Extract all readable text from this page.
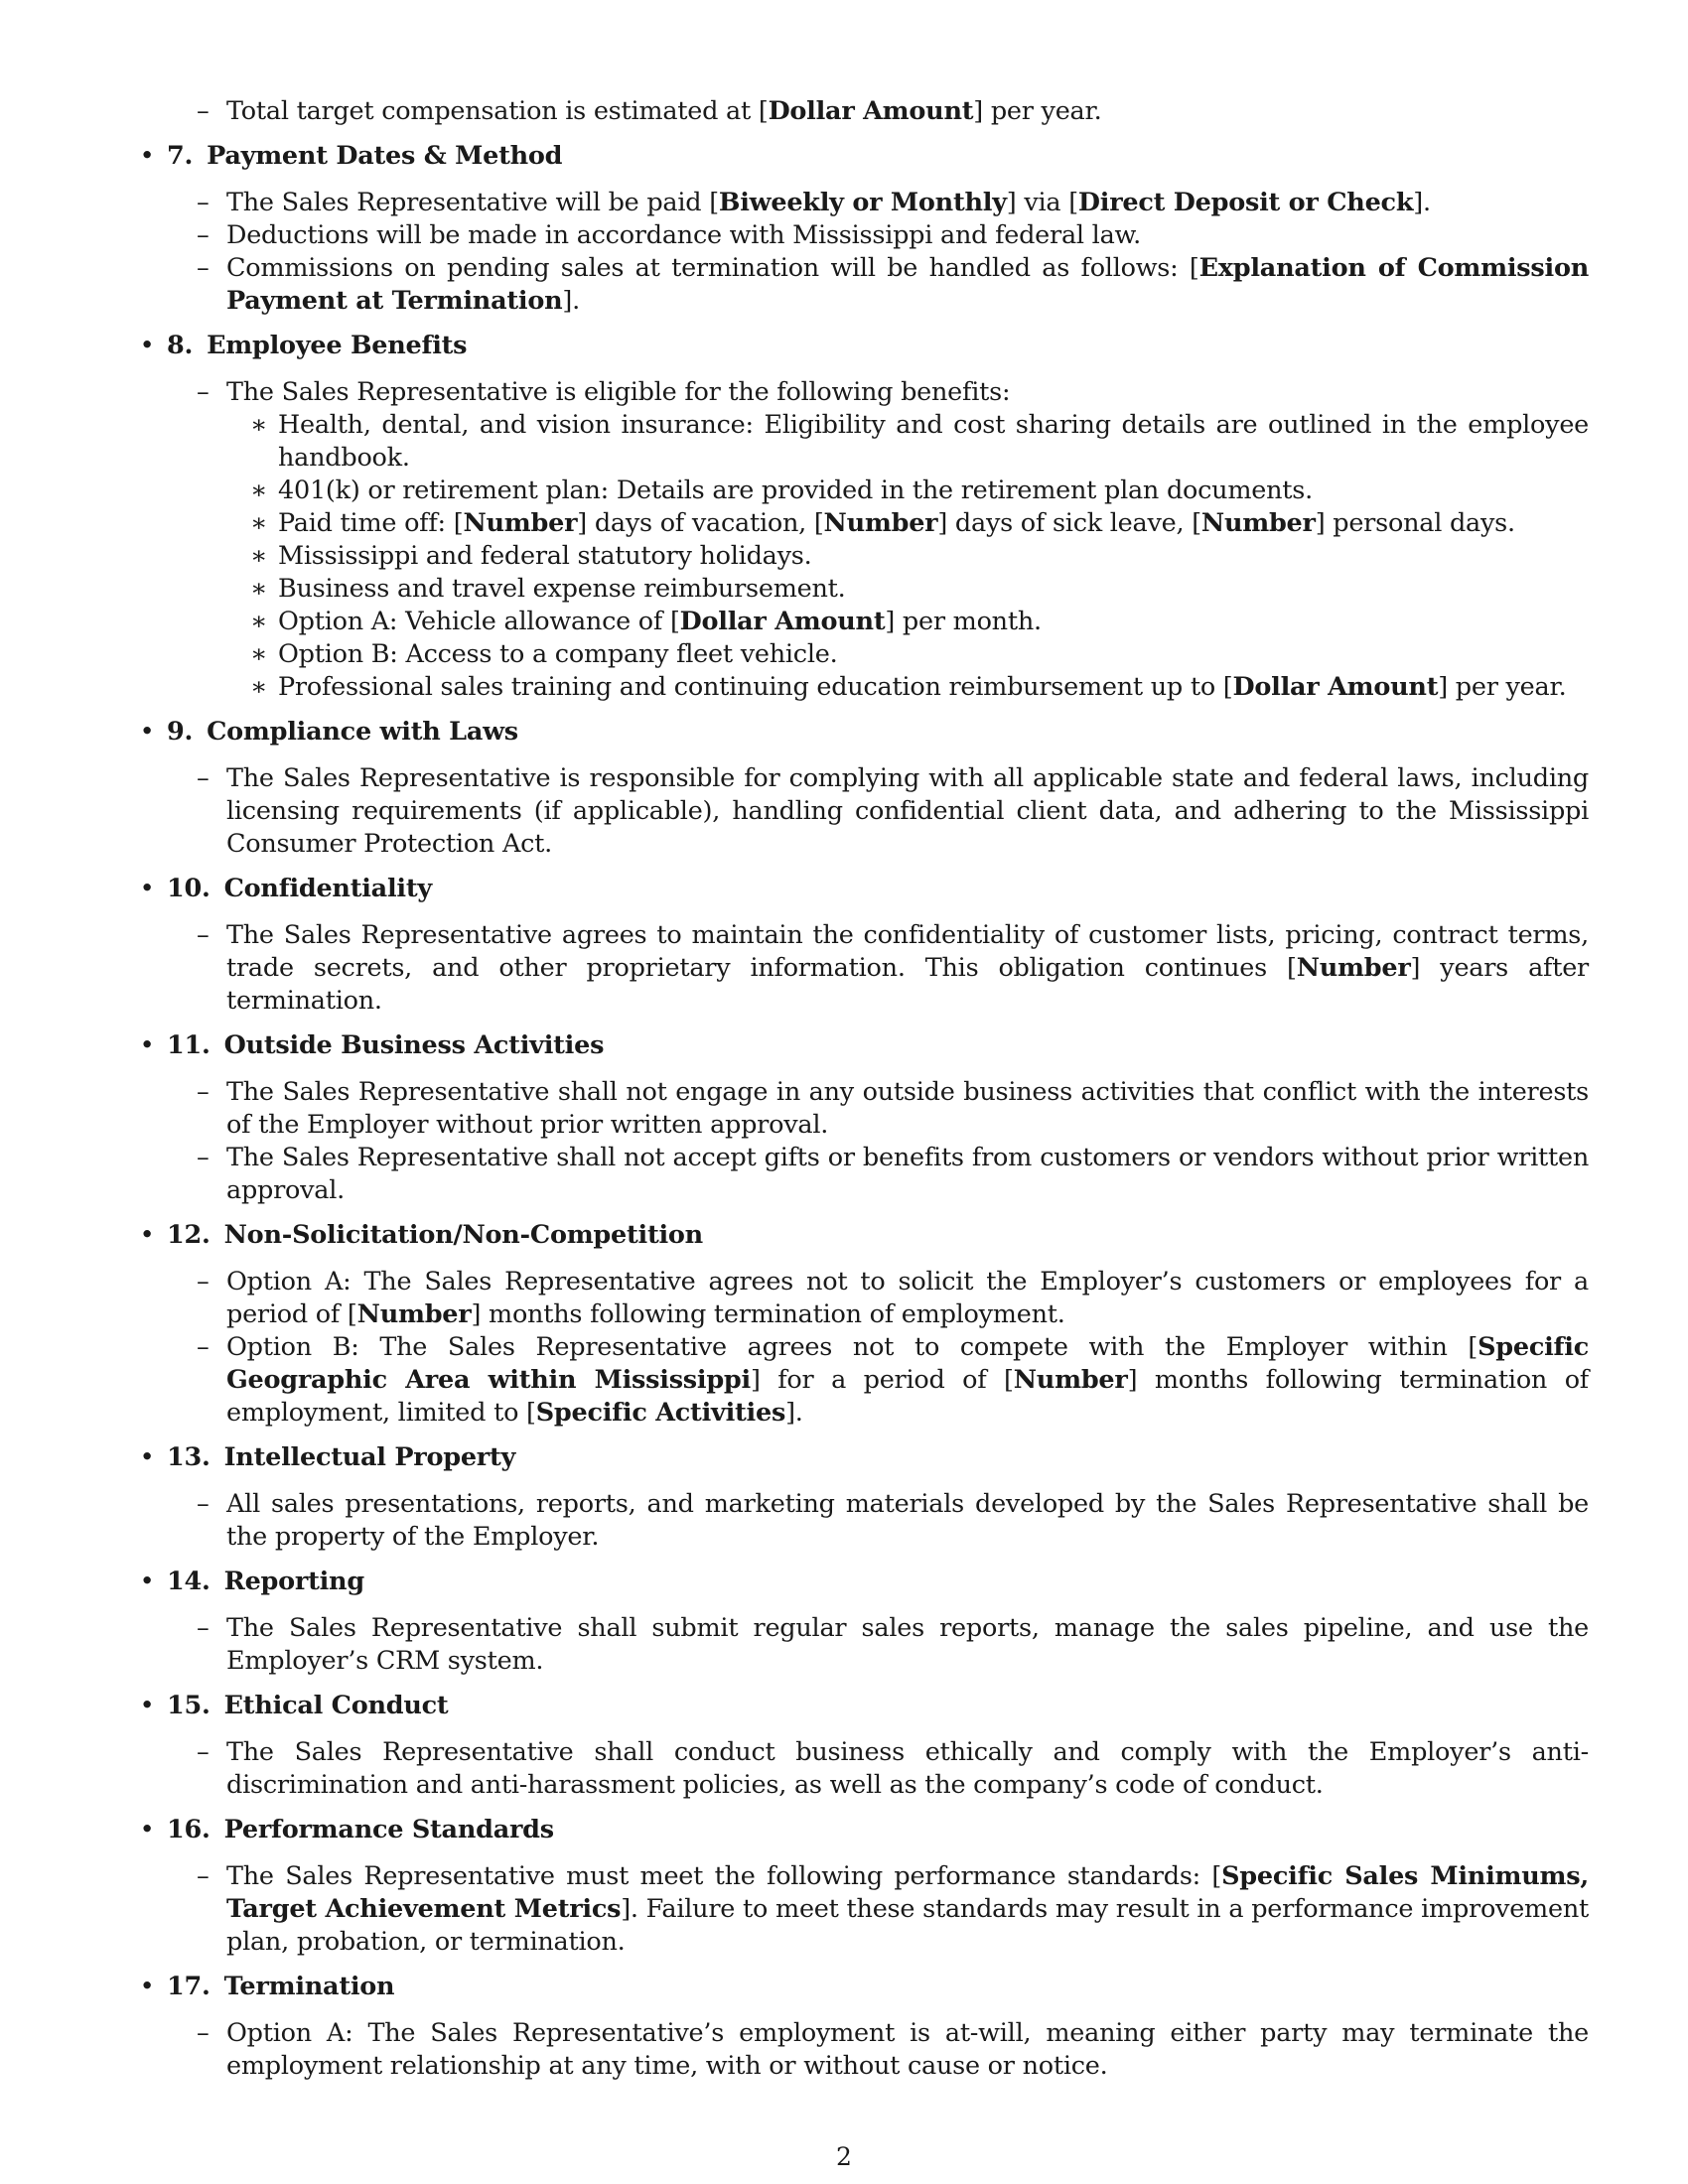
– Total target compensation is estimated at [Dollar Amount] per year.
• 7. Payment Dates & Method
– The Sales Representative will be paid [Biweekly or Monthly] via [Direct Deposit or Check].
– Deductions will be made in accordance with Mississippi and federal law.
– Commissions on pending sales at termination will be handled as follows: [Explanation of Commission Payment at Termination].
• 8. Employee Benefits
– The Sales Representative is eligible for the following benefits:
∗ Health, dental, and vision insurance: Eligibility and cost sharing details are outlined in the employee handbook.
∗ 401(k) or retirement plan: Details are provided in the retirement plan documents.
∗ Paid time off: [Number] days of vacation, [Number] days of sick leave, [Number] personal days.
∗ Mississippi and federal statutory holidays.
∗ Business and travel expense reimbursement.
∗ Option A: Vehicle allowance of [Dollar Amount] per month.
∗ Option B: Access to a company fleet vehicle.
∗ Professional sales training and continuing education reimbursement up to [Dollar Amount] per year.
• 9. Compliance with Laws
– The Sales Representative is responsible for complying with all applicable state and federal laws, including licensing requirements (if applicable), handling confidential client data, and adhering to the Mississippi Consumer Protection Act.
• 10. Confidentiality
– The Sales Representative agrees to maintain the confidentiality of customer lists, pricing, contract terms, trade secrets, and other proprietary information. This obligation continues [Number] years after termination.
• 11. Outside Business Activities
– The Sales Representative shall not engage in any outside business activities that conflict with the interests of the Employer without prior written approval.
– The Sales Representative shall not accept gifts or benefits from customers or vendors without prior written approval.
• 12. Non-Solicitation/Non-Competition
– Option A: The Sales Representative agrees not to solicit the Employer’s customers or employees for a period of [Number] months following termination of employment.
– Option B: The Sales Representative agrees not to compete with the Employer within [Specific Geographic Area within Mississippi] for a period of [Number] months following termination of employment, limited to [Specific Activities].
• 13. Intellectual Property
– All sales presentations, reports, and marketing materials developed by the Sales Representative shall be the property of the Employer.
• 14. Reporting
– The Sales Representative shall submit regular sales reports, manage the sales pipeline, and use the Employer’s CRM system.
• 15. Ethical Conduct
– The Sales Representative shall conduct business ethically and comply with the Employer’s anti-discrimination and anti-harassment policies, as well as the company’s code of conduct.
• 16. Performance Standards
– The Sales Representative must meet the following performance standards: [Specific Sales Minimums, Target Achievement Metrics]. Failure to meet these standards may result in a performance improvement plan, probation, or termination.
• 17. Termination
– Option A: The Sales Representative’s employment is at-will, meaning either party may terminate the employment relationship at any time, with or without cause or notice.
2
